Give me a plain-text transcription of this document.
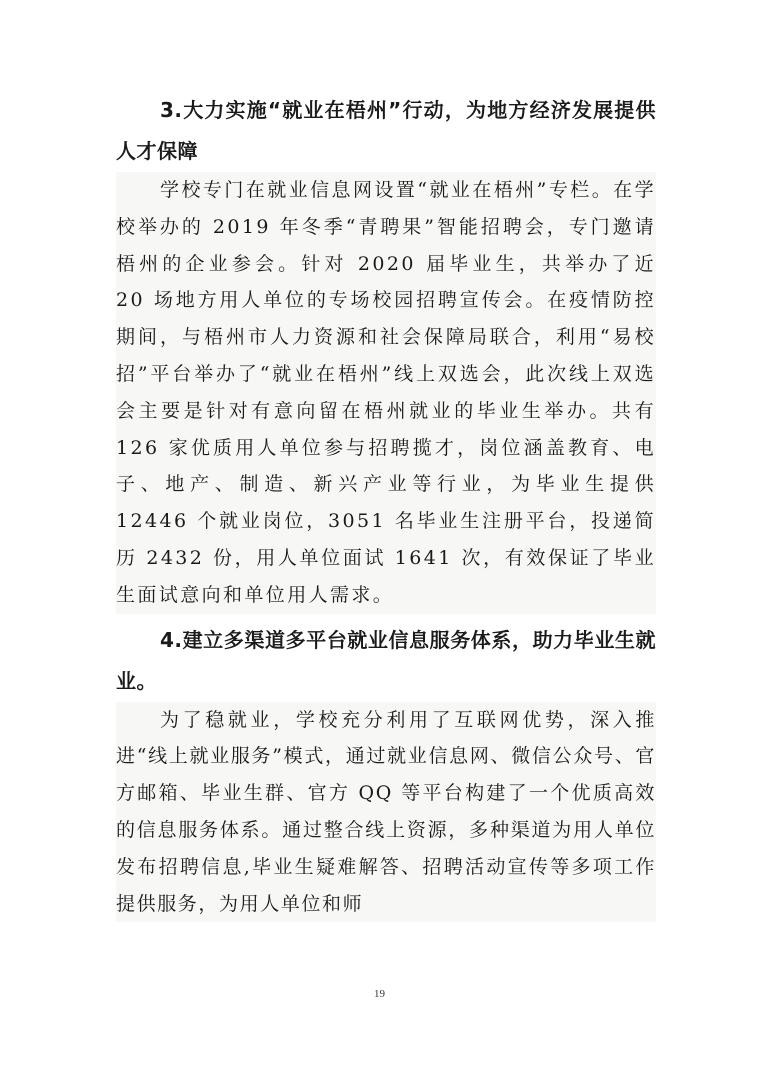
3.大力实施“就业在梧州”行动，为地方经济发展提供人才保障

学校专门在就业信息网设置“就业在梧州”专栏。在学校举办的 2019 年冬季“青聘果”智能招聘会，专门邀请梧州的企业参会。针对 2020 届毕业生，共举办了近 20 场地方用人单位的专场校园招聘宣传会。在疫情防控期间，与梧州市人力资源和社会保障局联合，利用“易校招”平台举办了“就业在梧州”线上双选会，此次线上双选会主要是针对有意向留在梧州就业的毕业生举办。共有 126 家优质用人单位参与招聘揽才，岗位涵盖教育、电子、地产、制造、新兴产业等行业，为毕业生提供 12446 个就业岗位，3051 名毕业生注册平台，投递简历 2432 份，用人单位面试 1641 次，有效保证了毕业生面试意向和单位用人需求。

4.建立多渠道多平台就业信息服务体系，助力毕业生就业。

为了稳就业，学校充分利用了互联网优势，深入推进“线上就业服务”模式，通过就业信息网、微信公众号、官方邮箱、毕业生群、官方 QQ 等平台构建了一个优质高效的信息服务体系。通过整合线上资源，多种渠道为用人单位发布招聘信息,毕业生疑难解答、招聘活动宣传等多项工作提供服务，为用人单位和师

19
